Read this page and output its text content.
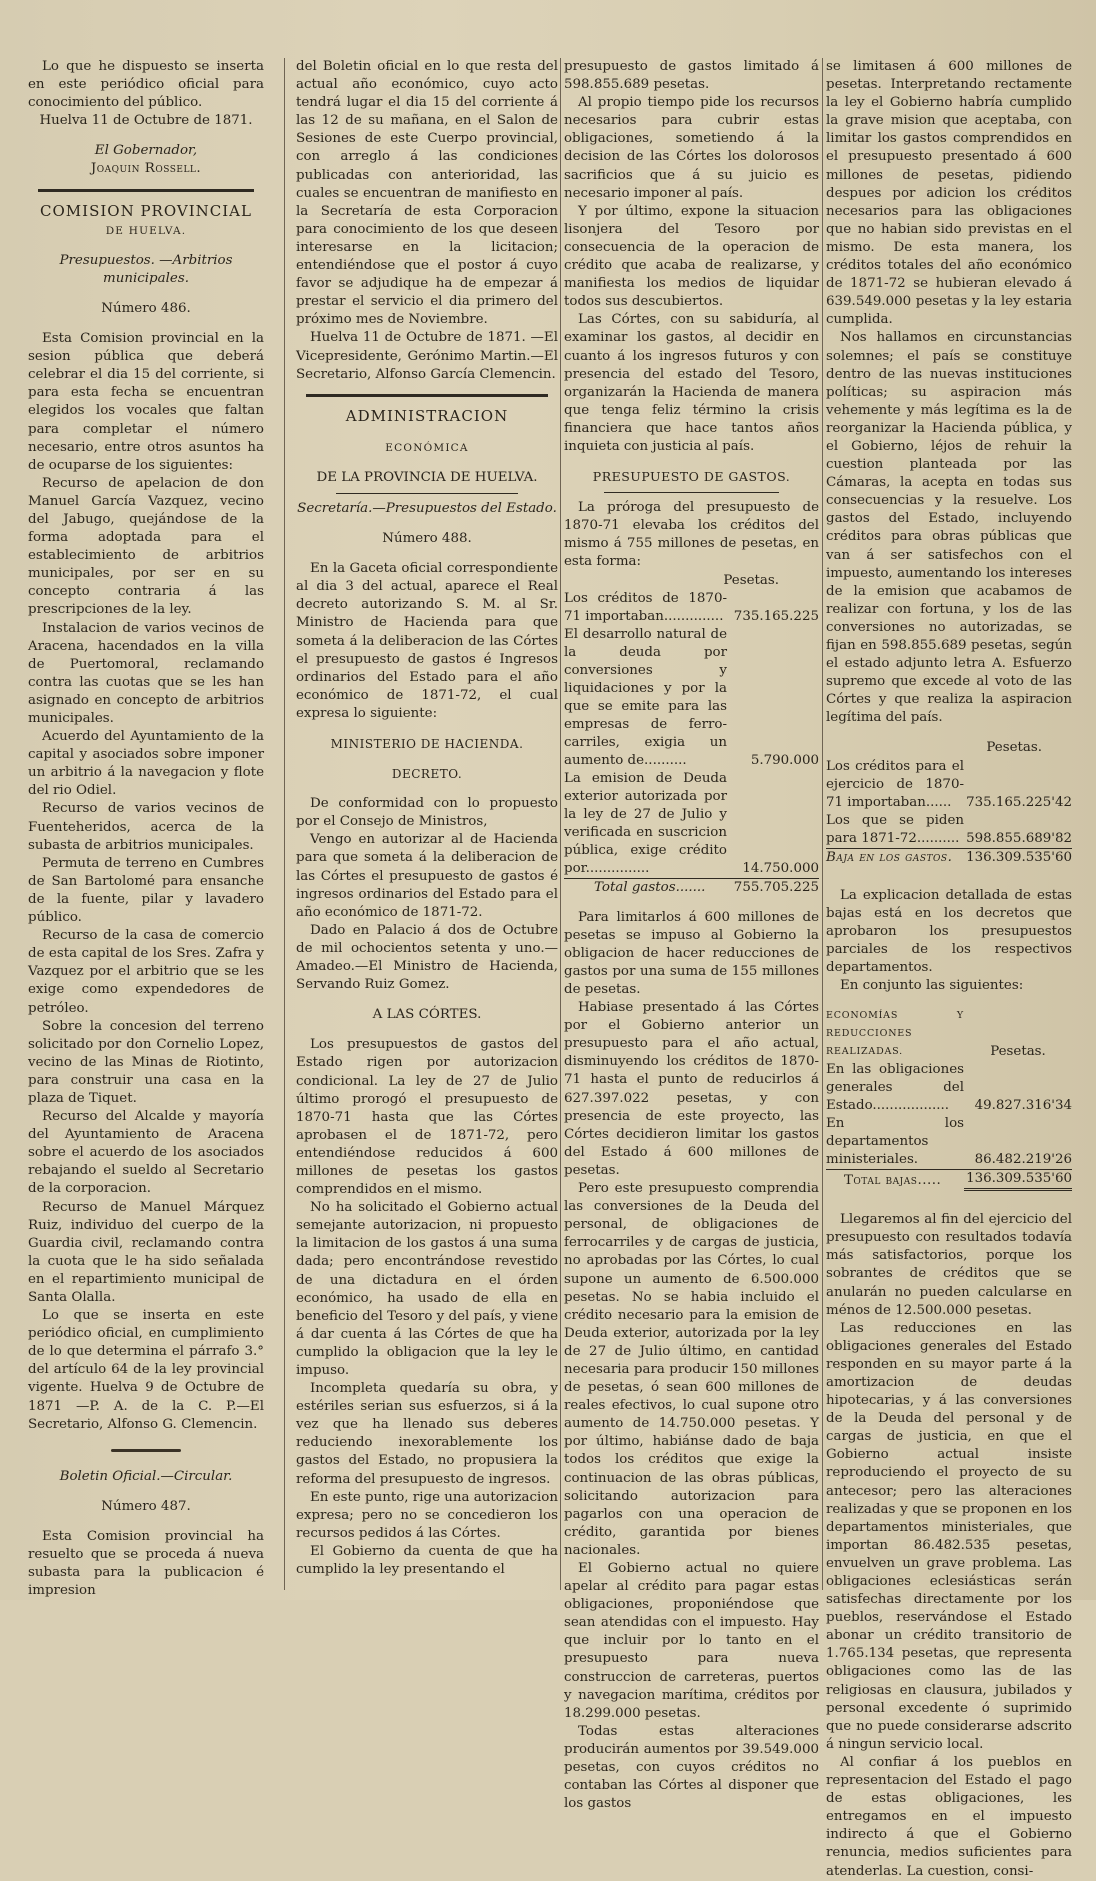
Lo que he dispuesto se inserta en este periódico oficial para conocimiento del público.

Huelva 11 de Octubre de 1871.

El Gobernador,

Joaquin Rossell.

COMISION PROVINCIAL

DE HUELVA.

Presupuestos. —Arbitrios municipales.

Número 486.

Esta Comision provincial en la sesion pública que deberá celebrar el dia 15 del corriente, si para esta fecha se encuentran elegidos los vocales que faltan para completar el número necesario, entre otros asuntos ha de ocuparse de los siguientes:

Recurso de apelacion de don Manuel García Vazquez, vecino del Jabugo, quejándose de la forma adoptada para el establecimiento de arbitrios municipales, por ser en su concepto contraria á las prescripciones de la ley.

Instalacion de varios vecinos de Aracena, hacendados en la villa de Puertomoral, reclamando contra las cuotas que se les han asignado en concepto de arbitrios municipales.

Acuerdo del Ayuntamiento de la capital y asociados sobre imponer un arbitrio á la navegacion y flote del rio Odiel.

Recurso de varios vecinos de Fuenteheridos, acerca de la subasta de arbitrios municipales.

Permuta de terreno en Cumbres de San Bartolomé para ensanche de la fuente, pilar y lavadero público.

Recurso de la casa de comercio de esta capital de los Sres. Zafra y Vazquez por el arbitrio que se les exige como expendedores de petróleo.

Sobre la concesion del terreno solicitado por don Cornelio Lopez, vecino de las Minas de Riotinto, para construir una casa en la plaza de Tiquet.

Recurso del Alcalde y mayoría del Ayuntamiento de Aracena sobre el acuerdo de los asociados rebajando el sueldo al Secretario de la corporacion.

Recurso de Manuel Márquez Ruiz, individuo del cuerpo de la Guardia civil, reclamando contra la cuota que le ha sido señalada en el repartimiento municipal de Santa Olalla.

Lo que se inserta en este periódico oficial, en cumplimiento de lo que determina el párrafo 3.° del artículo 64 de la ley provincial vigente. Huelva 9 de Octubre de 1871 —P. A. de la C. P.—El Secretario, Alfonso G. Clemencin.

Boletin Oficial.—Circular.

Número 487.

Esta Comision provincial ha resuelto que se proceda á nueva subasta para la publicacion é impresion

del Boletin oficial en lo que resta del actual año económico, cuyo acto tendrá lugar el dia 15 del corriente á las 12 de su mañana, en el Salon de Sesiones de este Cuerpo provincial, con arreglo á las condiciones publicadas con anterioridad, las cuales se encuentran de manifiesto en la Secretaría de esta Corporacion para conocimiento de los que deseen interesarse en la licitacion; entendiéndose que el postor á cuyo favor se adjudique ha de empezar á prestar el servicio el dia primero del próximo mes de Noviembre.

Huelva 11 de Octubre de 1871. —El Vicepresidente, Gerónimo Martin.—El Secretario, Alfonso García Clemencin.

ADMINISTRACION

ECONÓMICA

DE LA PROVINCIA DE HUELVA.

Secretaría.—Presupuestos del Estado.

Número 488.

En la Gaceta oficial correspondiente al dia 3 del actual, aparece el Real decreto autorizando S. M. al Sr. Ministro de Hacienda para que someta á la deliberacion de las Córtes el presupuesto de gastos é Ingresos ordinarios del Estado para el año económico de 1871-72, el cual expresa lo siguiente:

MINISTERIO DE HACIENDA.

DECRETO.

De conformidad con lo propuesto por el Consejo de Ministros,

Vengo en autorizar al de Hacienda para que someta á la deliberacion de las Córtes el presupuesto de gastos é ingresos ordinarios del Estado para el año económico de 1871-72.

Dado en Palacio á dos de Octubre de mil ochocientos setenta y uno.— Amadeo.—El Ministro de Hacienda, Servando Ruiz Gomez.

A LAS CÓRTES.

Los presupuestos de gastos del Estado rigen por autorizacion condicional. La ley de 27 de Julio último prorogó el presupuesto de 1870-71 hasta que las Córtes aprobasen el de 1871-72, pero entendiéndose reducidos á 600 millones de pesetas los gastos comprendidos en el mismo.

No ha solicitado el Gobierno actual semejante autorizacion, ni propuesto la limitacion de los gastos á una suma dada; pero encontrándose revestido de una dictadura en el órden económico, ha usado de ella en beneficio del Tesoro y del país, y viene á dar cuenta á las Córtes de que ha cumplido la obligacion que la ley le impuso.

Incompleta quedaría su obra, y estériles serian sus esfuerzos, si á la vez que ha llenado sus deberes reduciendo inexorablemente los gastos del Estado, no propusiera la reforma del presupuesto de ingresos.

En este punto, rige una autorizacion expresa; pero no se concedieron los recursos pedidos á las Córtes.

El Gobierno da cuenta de que ha cumplido la ley presentando el

presupuesto de gastos limitado á 598.855.689 pesetas.

Al propio tiempo pide los recursos necesarios para cubrir estas obligaciones, sometiendo á la decision de las Córtes los dolorosos sacrificios que á su juicio es necesario imponer al país.

Y por último, expone la situacion lisonjera del Tesoro por consecuencia de la operacion de crédito que acaba de realizarse, y manifiesta los medios de liquidar todos sus descubiertos.

Las Córtes, con su sabiduría, al examinar los gastos, al decidir en cuanto á los ingresos futuros y con presencia del estado del Tesoro, organizarán la Hacienda de manera que tenga feliz término la crisis financiera que hace tantos años inquieta con justicia al país.

PRESUPUESTO DE GASTOS.

La próroga del presupuesto de 1870-71 elevaba los créditos del mismo á 755 millones de pesetas, en esta forma:

Pesetas.

Los créditos de 1870-71 importaban..............	735.165.225
El desarrollo natural de la deuda por conversiones y liquidaciones y por la que se emite para las empresas de ferro-carriles, exigia un aumento de..........	5.790.000
La emision de Deuda exterior autorizada por la ley de 27 de Julio y verificada en suscricion pública, exige crédito por...............	14.750.000
Total gastos.......	755.705.225

Para limitarlos á 600 millones de pesetas se impuso al Gobierno la obligacion de hacer reducciones de gastos por una suma de 155 millones de pesetas.

Habiase presentado á las Córtes por el Gobierno anterior un presupuesto para el año actual, disminuyendo los créditos de 1870-71 hasta el punto de reducirlos á 627.397.022 pesetas, y con presencia de este proyecto, las Córtes decidieron limitar los gastos del Estado á 600 millones de pesetas.

Pero este presupuesto comprendia las conversiones de la Deuda del personal, de obligaciones de ferrocarriles y de cargas de justicia, no aprobadas por las Córtes, lo cual supone un aumento de 6.500.000 pesetas. No se habia incluido el crédito necesario para la emision de Deuda exterior, autorizada por la ley de 27 de Julio último, en cantidad necesaria para producir 150 millones de pesetas, ó sean 600 millones de reales efectivos, lo cual supone otro aumento de 14.750.000 pesetas. Y por último, habiánse dado de baja todos los créditos que exige la continuacion de las obras públicas, solicitando autorizacion para pagarlos con una operacion de crédito, garantida por bienes nacionales.

El Gobierno actual no quiere apelar al crédito para pagar estas obligaciones, proponiéndose que sean atendidas con el impuesto. Hay que incluir por lo tanto en el presupuesto para nueva construccion de carreteras, puertos y navegacion marítima, créditos por 18.299.000 pesetas.

Todas estas alteraciones producirán aumentos por 39.549.000 pesetas, con cuyos créditos no contaban las Córtes al disponer que los gastos

se limitasen á 600 millones de pesetas. Interpretando rectamente la ley el Gobierno habría cumplido la grave mision que aceptaba, con limitar los gastos comprendidos en el presupuesto presentado á 600 millones de pesetas, pidiendo despues por adicion los créditos necesarios para las obligaciones que no habian sido previstas en el mismo. De esta manera, los créditos totales del año económico de 1871-72 se hubieran elevado á 639.549.000 pesetas y la ley estaria cumplida.

Nos hallamos en circunstancias solemnes; el país se constituye dentro de las nuevas instituciones políticas; su aspiracion más vehemente y más legítima es la de reorganizar la Hacienda pública, y el Gobierno, léjos de rehuir la cuestion planteada por las Cámaras, la acepta en todas sus consecuencias y la resuelve. Los gastos del Estado, incluyendo créditos para obras públicas que van á ser satisfechos con el impuesto, aumentando los intereses de la emision que acabamos de realizar con fortuna, y los de las conversiones no autorizadas, se fijan en 598.855.689 pesetas, según el estado adjunto letra A. Esfuerzo supremo que excede al voto de las Córtes y que realiza la aspiracion legítima del país.

Pesetas.

Los créditos para el ejercicio de 1870-71 importaban......	735.165.225'42
Los que se piden para 1871-72..........	598.855.689'82
Baja en los gastos.	136.309.535'60

La explicacion detallada de estas bajas está en los decretos que aprobaron los presupuestos parciales de los respectivos departamentos.

En conjunto las siguientes:

ECONOMÍAS Y REDUCCIONES REALIZADAS.	Pesetas.
En las obligaciones generales del Estado..................	49.827.316'34
En los departamentos ministeriales.	86.482.219'26
Total bajas.....	136.309.535'60

Llegaremos al fin del ejercicio del presupuesto con resultados todavía más satisfactorios, porque los sobrantes de créditos que se anularán no pueden calcularse en ménos de 12.500.000 pesetas.

Las reducciones en las obligaciones generales del Estado responden en su mayor parte á la amortizacion de deudas hipotecarias, y á las conversiones de la Deuda del personal y de cargas de justicia, en que el Gobierno actual insiste reproduciendo el proyecto de su antecesor; pero las alteraciones realizadas y que se proponen en los departamentos ministeriales, que importan 86.482.535 pesetas, envuelven un grave problema. Las obligaciones eclesiásticas serán satisfechas directamente por los pueblos, reservándose el Estado abonar un crédito transitorio de 1.765.134 pesetas, que representa obligaciones como las de las religiosas en clausura, jubilados y personal excedente ó suprimido que no puede considerarse adscrito á ningun servicio local.

Al confiar á los pueblos en representacion del Estado el pago de estas obligaciones, les entregamos en el impuesto indirecto á que el Gobierno renuncia, medios suficientes para atenderlas. La cuestion, consi-
